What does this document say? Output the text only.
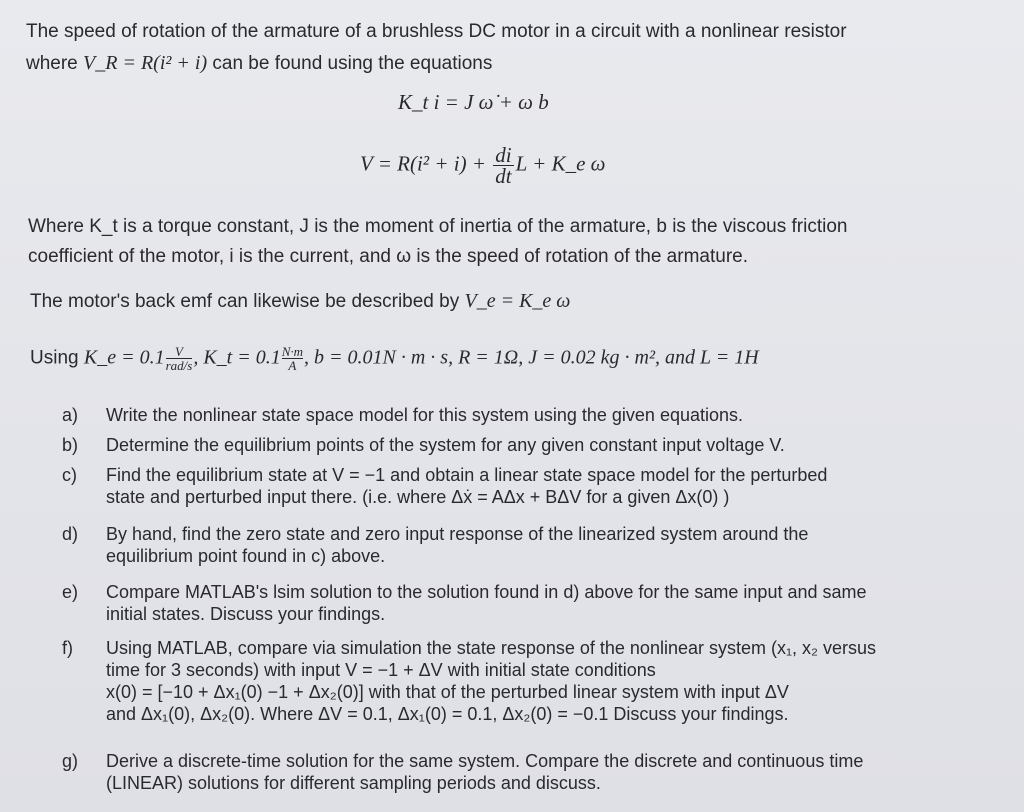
The speed of rotation of the armature of a brushless DC motor in a circuit with a nonlinear resistor
where V_R = R(i² + i) can be found using the equations
K_t i = J ω̇ + ω b
$V = R(i^2 + i) + \frac{di}{dt}$ L + K_e ω
Where K_t is a torque constant, J is the moment of inertia of the armature, b is the viscous friction
coefficient of the motor, i is the current, and ω is the speed of rotation of the armature.
The motor's back emf can likewise be described by V_e = K_e ω
Using K_e = 0.1 V
rad/s , K_t = $0.1 \frac{N\cdot m}{A}$ , b = 0.01N · m · s, R = 1Ω, J = 0.02 kg · m², and L = 1H
a)	Write the nonlinear state space model for this system using the given equations.
b)	Determine the equilibrium points of the system for any given constant input voltage V.
c)	Find the equilibrium state at V = −1 and obtain a linear state space model for the perturbed
state and perturbed input there. (i.e. where Δẋ = AΔx + BΔV for a given Δx(0) )
d)	By hand, find the zero state and zero input response of the linearized system around the
equilibrium point found in c) above.
e)	Compare MATLAB's lsim solution to the solution found in d) above for the same input and same
initial states. Discuss your findings.
f)	Using MATLAB, compare via simulation the state response of the nonlinear system (x₁, x₂ versus
time for 3 seconds) with input V = −1 + ΔV with initial state conditions
x(0) = [−10 + Δx₁(0) −1 + Δx₂(0)] with that of the perturbed linear system with input ΔV
and Δx₁(0), Δx₂(0). Where ΔV = 0.1, Δx₁(0) = 0.1, Δx₂(0) = −0.1 Discuss your findings.
g)	Derive a discrete-time solution for the same system. Compare the discrete and continuous time
(LINEAR) solutions for different sampling periods and discuss.
